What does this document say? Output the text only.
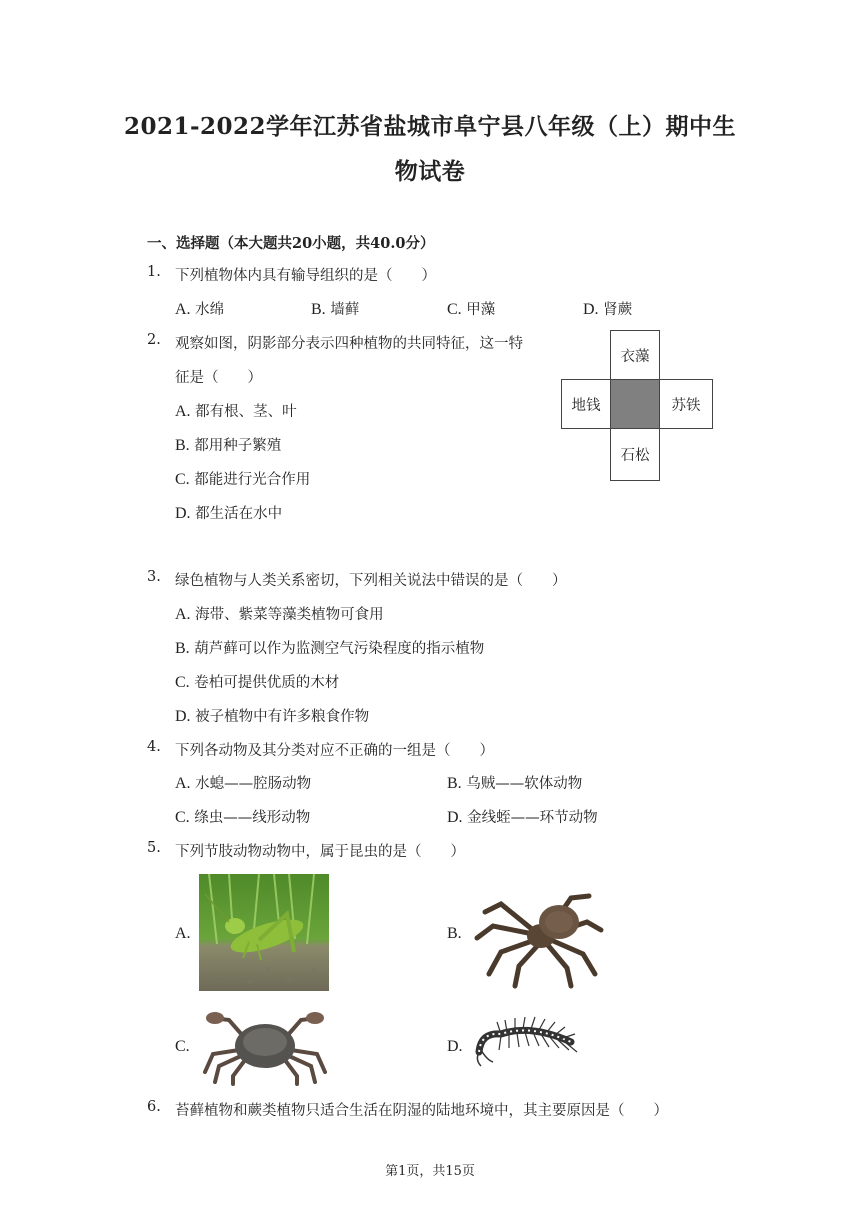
2021-2022学年江苏省盐城市阜宁县八年级（上）期中生
物试卷
一、选择题（本大题共20小题，共40.0分）
1. 下列植物体内具有输导组织的是（　　）
A. 水绵	B. 墙藓	C. 甲藻	D. 肾蕨
2. 观察如图，阴影部分表示四种植物的共同特征，这一特
征是（　　）
A. 都有根、茎、叶
B. 都用种子繁殖
C. 都能进行光合作用
D. 都生活在水中
衣藻
地钱	苏铁
石松
3. 绿色植物与人类关系密切，下列相关说法中错误的是（　　）
A. 海带、紫菜等藻类植物可食用
B. 葫芦藓可以作为监测空气污染程度的指示植物
C. 卷柏可提供优质的木材
D. 被子植物中有许多粮食作物
4. 下列各动物及其分类对应不正确的一组是（　　）
A. 水螅——腔肠动物	B. 乌贼——软体动物
C. 绦虫——线形动物	D. 金线蛭——环节动物
5. 下列节肢动物动物中，属于昆虫的是（　　）
A.	B.
C.	D.
6. 苔藓植物和蕨类植物只适合生活在阴湿的陆地环境中，其主要原因是（　　）
第1页，共15页
